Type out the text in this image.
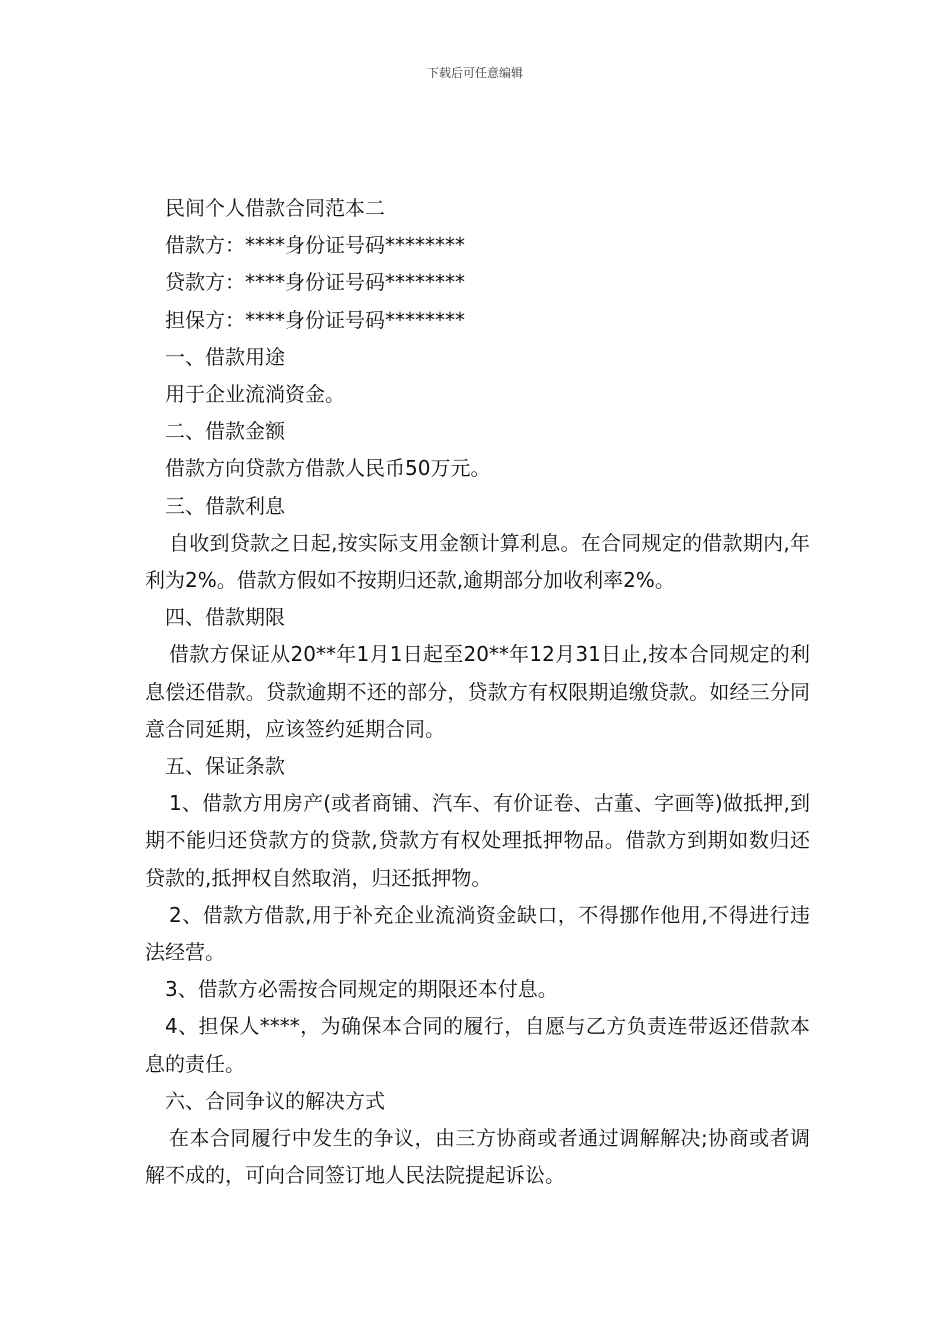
下载后可任意编辑

民间个人借款合同范本二

借款方：****身份证号码********

贷款方：****身份证号码********

担保方：****身份证号码********

一、借款用途

用于企业流淌资金。

二、借款金额

借款方向贷款方借款人民币50万元。

三、借款利息

自收到贷款之日起,按实际支用金额计算利息。在合同规定的借款期内,年利为2%。借款方假如不按期归还款,逾期部分加收利率2%。

四、借款期限

借款方保证从20**年1月1日起至20**年12月31日止,按本合同规定的利息偿还借款。贷款逾期不还的部分，贷款方有权限期追缴贷款。如经三分同意合同延期，应该签约延期合同。

五、保证条款

1、借款方用房产(或者商铺、汽车、有价证卷、古董、字画等)做抵押,到期不能归还贷款方的贷款,贷款方有权处理抵押物品。借款方到期如数归还贷款的,抵押权自然取消，归还抵押物。

2、借款方借款,用于补充企业流淌资金缺口，不得挪作他用,不得进行违法经营。

3、借款方必需按合同规定的期限还本付息。

4、担保人****，为确保本合同的履行，自愿与乙方负责连带返还借款本息的责任。

六、合同争议的解决方式

在本合同履行中发生的争议，由三方协商或者通过调解解决;协商或者调解不成的，可向合同签订地人民法院提起诉讼。
